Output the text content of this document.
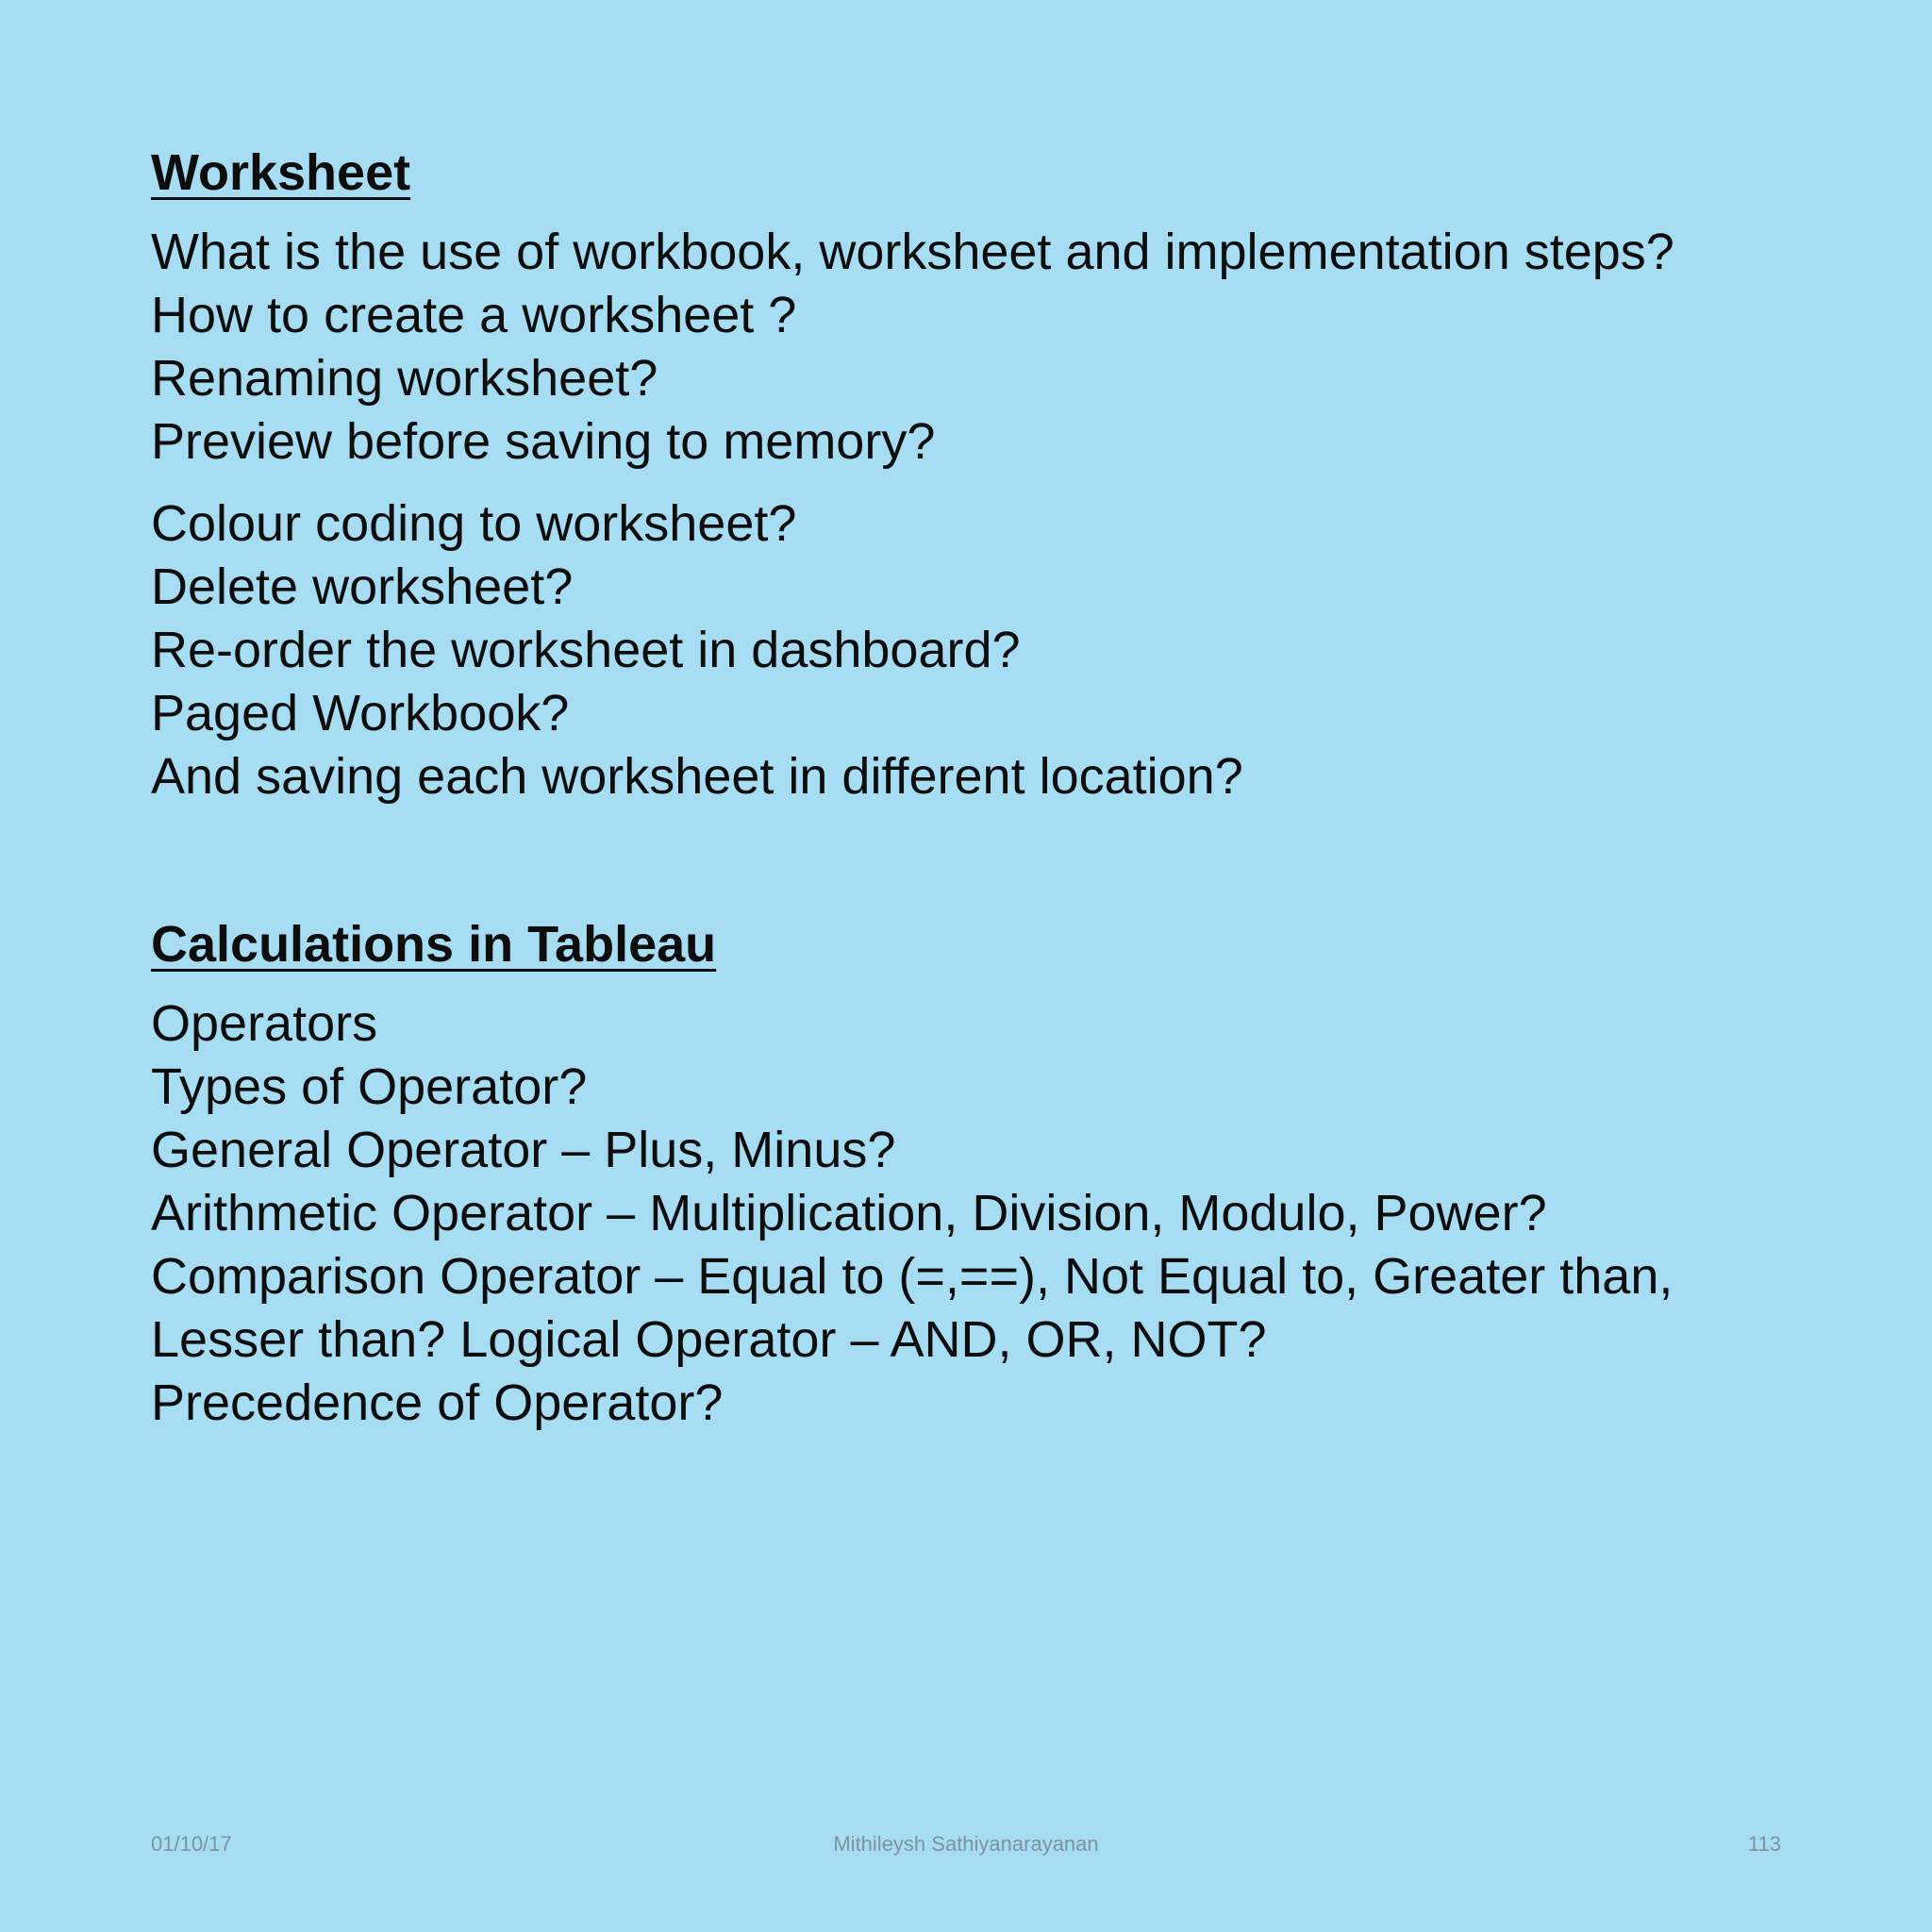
Worksheet
What is the use of workbook, worksheet and implementation steps?
How to create a worksheet ?
Renaming worksheet?
Preview before saving to memory?
Colour coding to worksheet?
Delete worksheet?
Re-order the worksheet in dashboard?
Paged Workbook?
And saving each worksheet in different location?
Calculations in Tableau
Operators
Types of Operator?
General Operator – Plus, Minus?
Arithmetic Operator – Multiplication, Division, Modulo, Power?
Comparison Operator – Equal to (=,==), Not Equal to, Greater than,
Lesser than? Logical Operator – AND, OR, NOT?
Precedence of Operator?
01/10/17	Mithileysh Sathiyanarayanan	113
